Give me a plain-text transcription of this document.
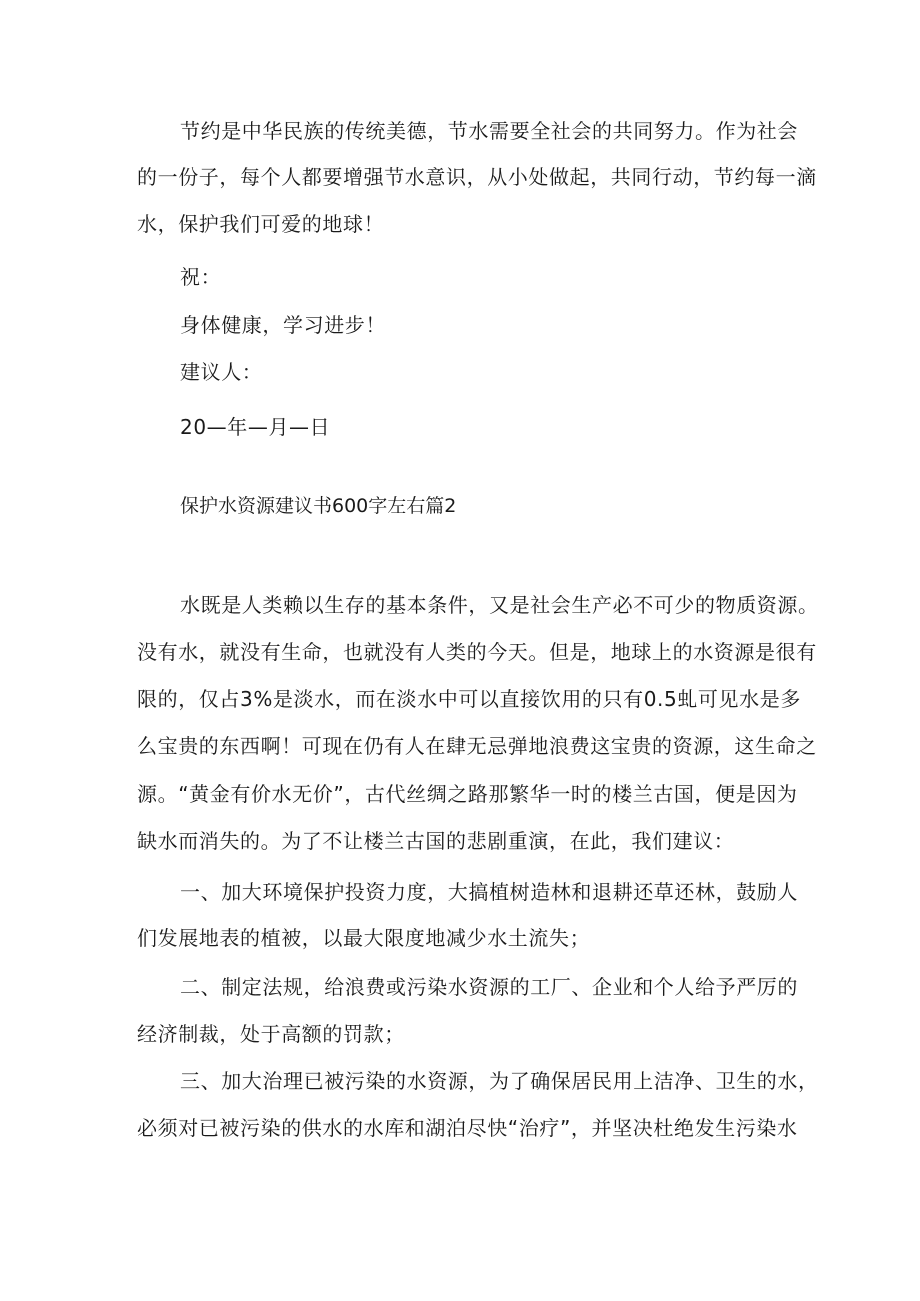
节约是中华民族的传统美德，节水需要全社会的共同努力。作为社会
的一份子，每个人都要增强节水意识，从小处做起，共同行动，节约每一滴
水，保护我们可爱的地球！
祝：
身体健康，学习进步！
建议人：
20—年—月—日
保护水资源建议书600字左右篇2
水既是人类赖以生存的基本条件，又是社会生产必不可少的物质资源。
没有水，就没有生命，也就没有人类的今天。但是，地球上的水资源是很有
限的，仅占3%是淡水，而在淡水中可以直接饮用的只有0.5虬可见水是多
么宝贵的东西啊！可现在仍有人在肆无忌弹地浪费这宝贵的资源，这生命之
源。“黄金有价水无价”，古代丝绸之路那繁华一时的楼兰古国，便是因为
缺水而消失的。为了不让楼兰古国的悲剧重演，在此，我们建议：
一、加大环境保护投资力度，大搞植树造林和退耕还草还林，鼓励人
们发展地表的植被，以最大限度地减少水土流失；
二、制定法规，给浪费或污染水资源的工厂、企业和个人给予严厉的
经济制裁，处于高额的罚款；
三、加大治理已被污染的水资源，为了确保居民用上洁净、卫生的水，
必须对已被污染的供水的水库和湖泊尽快“治疗”，并坚决杜绝发生污染水
